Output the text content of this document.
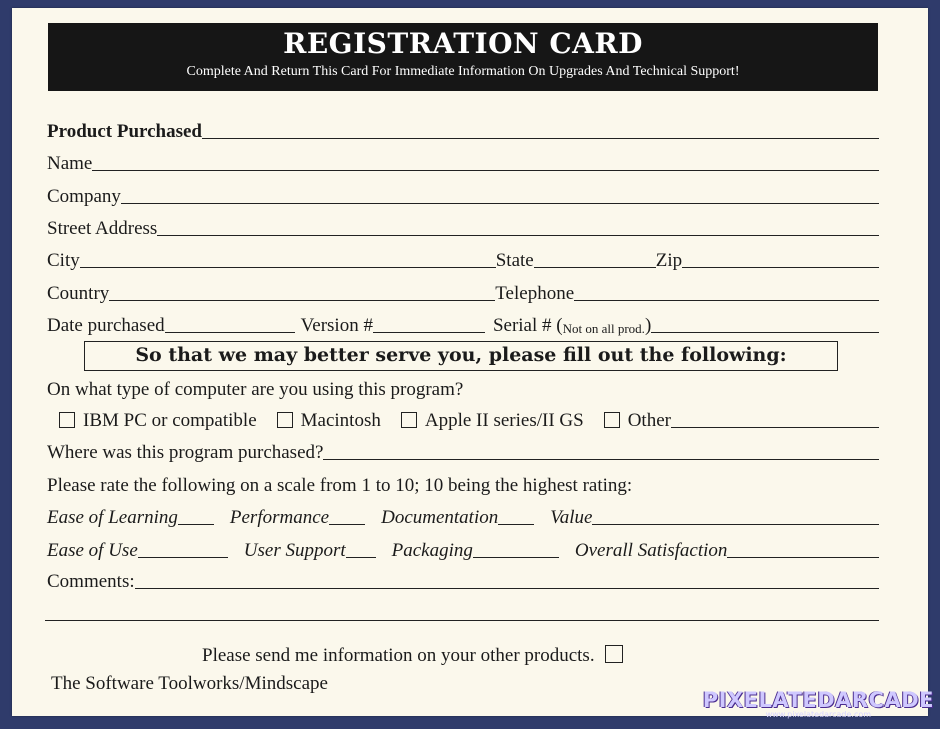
REGISTRATION CARD
Complete And Return This Card For Immediate Information On Upgrades And Technical Support!
Product Purchased
Name
Company
Street Address
City	State	Zip
Country	Telephone
Date purchased	Version #	Serial # ( Not on all prod. )
So that we may better serve you, please fill out the following:
On what type of computer are you using this program?
IBM PC or compatible Macintosh Apple II series/II GS Other
Where was this program purchased?
Please rate the following on a scale from 1 to 10; 10 being the highest rating:
Ease of Learning	Performance	Documentation	Value
Ease of Use	User Support Packaging	Overall Satisfaction
Comments:
Please send me information on your other products.
The Software Toolworks/Mindscape
PIXELATEDARCADE
www.pixelatedarcade.com
